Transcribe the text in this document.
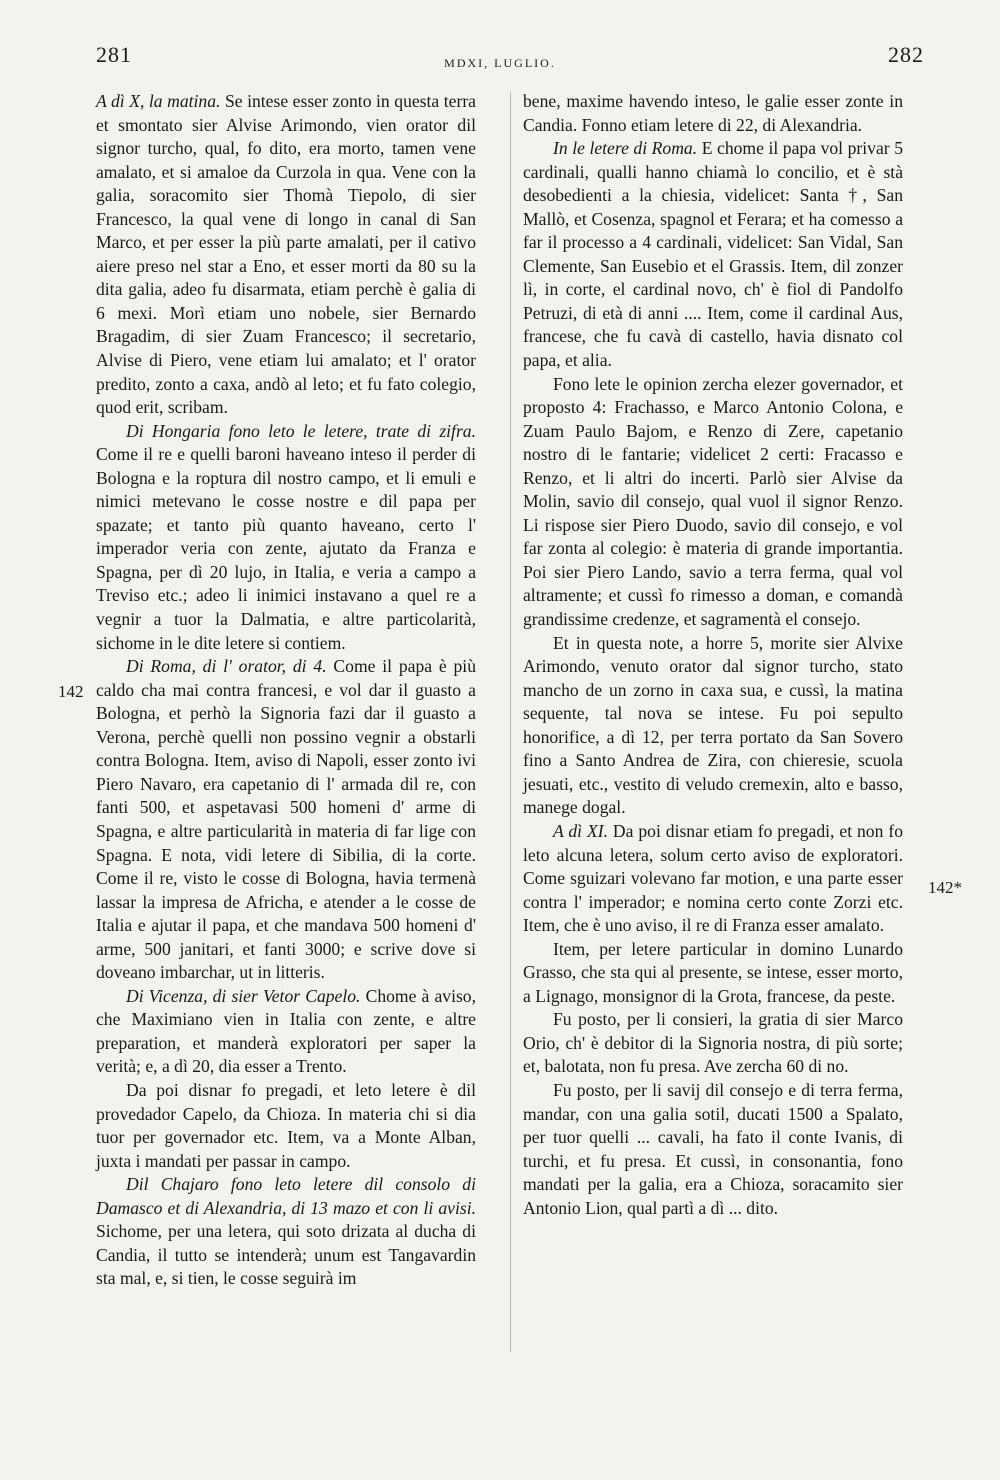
281	MDXI, LUGLIO.	282
142
142*

A dì X, la matina. Se intese esser zonto in questa terra et smontato sier Alvise Arimondo, vien orator dil signor turcho, qual, fo dito, era morto, tamen vene amalato, et si amaloe da Curzola in qua. Vene con la galia, soracomito sier Thomà Tiepolo, di sier Francesco, la qual vene di longo in canal di San Marco, et per esser la più parte amalati, per il cativo aiere preso nel star a Eno, et esser morti da 80 su la dita galia, adeo fu disarmata, etiam perchè è galia di 6 mexi. Morì etiam uno nobele, sier Bernardo Bragadim, di sier Zuam Francesco; il secretario, Alvise di Piero, vene etiam lui amalato; et l' orator predito, zonto a caxa, andò al leto; et fu fato colegio, quod erit, scribam.

Di Hongaria fono leto le letere, trate di zifra. Come il re e quelli baroni haveano inteso il perder di Bologna e la roptura dil nostro campo, et li emuli e nimici metevano le cosse nostre e dil papa per spazate; et tanto più quanto haveano, certo l' imperador veria con zente, ajutato da Franza e Spagna, per dì 20 lujo, in Italia, e veria a campo a Treviso etc.; adeo li inimici instavano a quel re a vegnir a tuor la Dalmatia, e altre particolarità, sichome in le dite letere si contiem.

Di Roma, di l' orator, di 4. Come il papa è più caldo cha mai contra francesi, e vol dar il guasto a Bologna, et perhò la Signoria fazi dar il guasto a Verona, perchè quelli non possino vegnir a obstarli contra Bologna. Item, aviso di Napoli, esser zonto ivi Piero Navaro, era capetanio di l' armada dil re, con fanti 500, et aspetavasi 500 homeni d' arme di Spagna, e altre particularità in materia di far lige con Spagna. E nota, vidi letere di Sibilia, di la corte. Come il re, visto le cosse di Bologna, havia termenà lassar la impresa de Africha, e atender a le cosse de Italia e ajutar il papa, et che mandava 500 homeni d' arme, 500 janitari, et fanti 3000; e scrive dove si doveano imbarchar, ut in litteris.

Di Vicenza, di sier Vetor Capelo. Chome à aviso, che Maximiano vien in Italia con zente, e altre preparation, et manderà exploratori per saper la verità; e, a dì 20, dia esser a Trento.

Da poi disnar fo pregadi, et leto letere è dil provedador Capelo, da Chioza. In materia chi si dia tuor per governador etc. Item, va a Monte Alban, juxta i mandati per passar in campo.

Dil Chajaro fono leto letere dil consolo di Damasco et di Alexandria, di 13 mazo et con li avisi. Sichome, per una letera, qui soto drizata al ducha di Candia, il tutto se intenderà; unum est Tangavardin sta mal, e, si tien, le cosse seguirà im

bene, maxime havendo inteso, le galie esser zonte in Candia. Fonno etiam letere di 22, di Alexandria.

In le letere di Roma. E chome il papa vol privar 5 cardinali, qualli hanno chiamà lo concilio, et è stà desobedienti a la chiesia, videlicet: Santa †, San Mallò, et Cosenza, spagnol et Ferara; et ha comesso a far il processo a 4 cardinali, videlicet: San Vidal, San Clemente, San Eusebio et el Grassis. Item, dil zonzer lì, in corte, el cardinal novo, ch' è fiol di Pandolfo Petruzi, di età di anni .... Item, come il cardinal Aus, francese, che fu cavà di castello, havia disnato col papa, et alia.

Fono lete le opinion zercha elezer governador, et proposto 4: Frachasso, e Marco Antonio Colona, e Zuam Paulo Bajom, e Renzo di Zere, capetanio nostro di le fantarie; videlicet 2 certi: Fracasso e Renzo, et li altri do incerti. Parlò sier Alvise da Molin, savio dil consejo, qual vuol il signor Renzo. Li rispose sier Piero Duodo, savio dil consejo, e vol far zonta al colegio: è materia di grande importantia. Poi sier Piero Lando, savio a terra ferma, qual vol altramente; et cussì fo rimesso a doman, e comandà grandissime credenze, et sagramentà el consejo.

Et in questa note, a horre 5, morite sier Alvixe Arimondo, venuto orator dal signor turcho, stato mancho de un zorno in caxa sua, e cussì, la matina sequente, tal nova se intese. Fu poi sepulto honorifice, a dì 12, per terra portato da San Sovero fino a Santo Andrea de Zira, con chieresie, scuola jesuati, etc., vestito di veludo cremexin, alto e basso, manege dogal.

A dì XI. Da poi disnar etiam fo pregadi, et non fo leto alcuna letera, solum certo aviso de exploratori. Come sguizari volevano far motion, e una parte esser contra l' imperador; e nomina certo conte Zorzi etc. Item, che è uno aviso, il re di Franza esser amalato.

Item, per letere particular in domino Lunardo Grasso, che sta qui al presente, se intese, esser morto, a Lignago, monsignor di la Grota, francese, da peste.

Fu posto, per li consieri, la gratia di sier Marco Orio, ch' è debitor di la Signoria nostra, di più sorte; et, balotata, non fu presa. Ave zercha 60 di no.

Fu posto, per li savij dil consejo e di terra ferma, mandar, con una galia sotil, ducati 1500 a Spalato, per tuor quelli ... cavali, ha fato il conte Ivanis, di turchi, et fu presa. Et cussì, in consonantia, fono mandati per la galia, era a Chioza, soracamito sier Antonio Lion, qual partì a dì ... dito.
